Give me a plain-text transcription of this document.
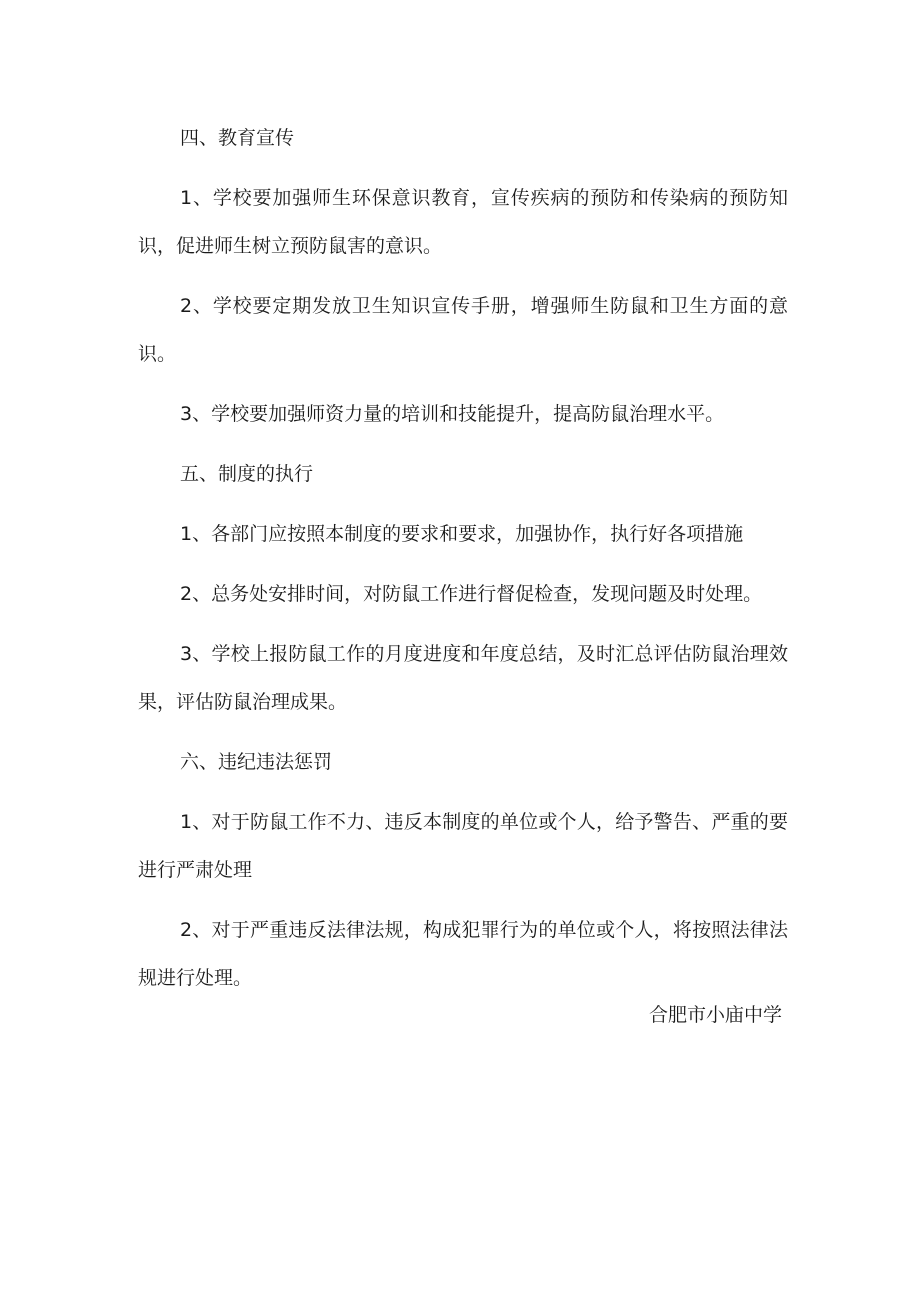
四、教育宣传

1、学校要加强师生环保意识教育，宣传疾病的预防和传染病的预防知识，促进师生树立预防鼠害的意识。

2、学校要定期发放卫生知识宣传手册，增强师生防鼠和卫生方面的意识。

3、学校要加强师资力量的培训和技能提升，提高防鼠治理水平。

五、制度的执行

1、各部门应按照本制度的要求和要求，加强协作，执行好各项措施

2、总务处安排时间，对防鼠工作进行督促检查，发现问题及时处理。

3、学校上报防鼠工作的月度进度和年度总结，及时汇总评估防鼠治理效果，评估防鼠治理成果。

六、违纪违法惩罚

1、对于防鼠工作不力、违反本制度的单位或个人，给予警告、严重的要进行严肃处理

2、对于严重违反法律法规，构成犯罪行为的单位或个人，将按照法律法规进行处理。

合肥市小庙中学
